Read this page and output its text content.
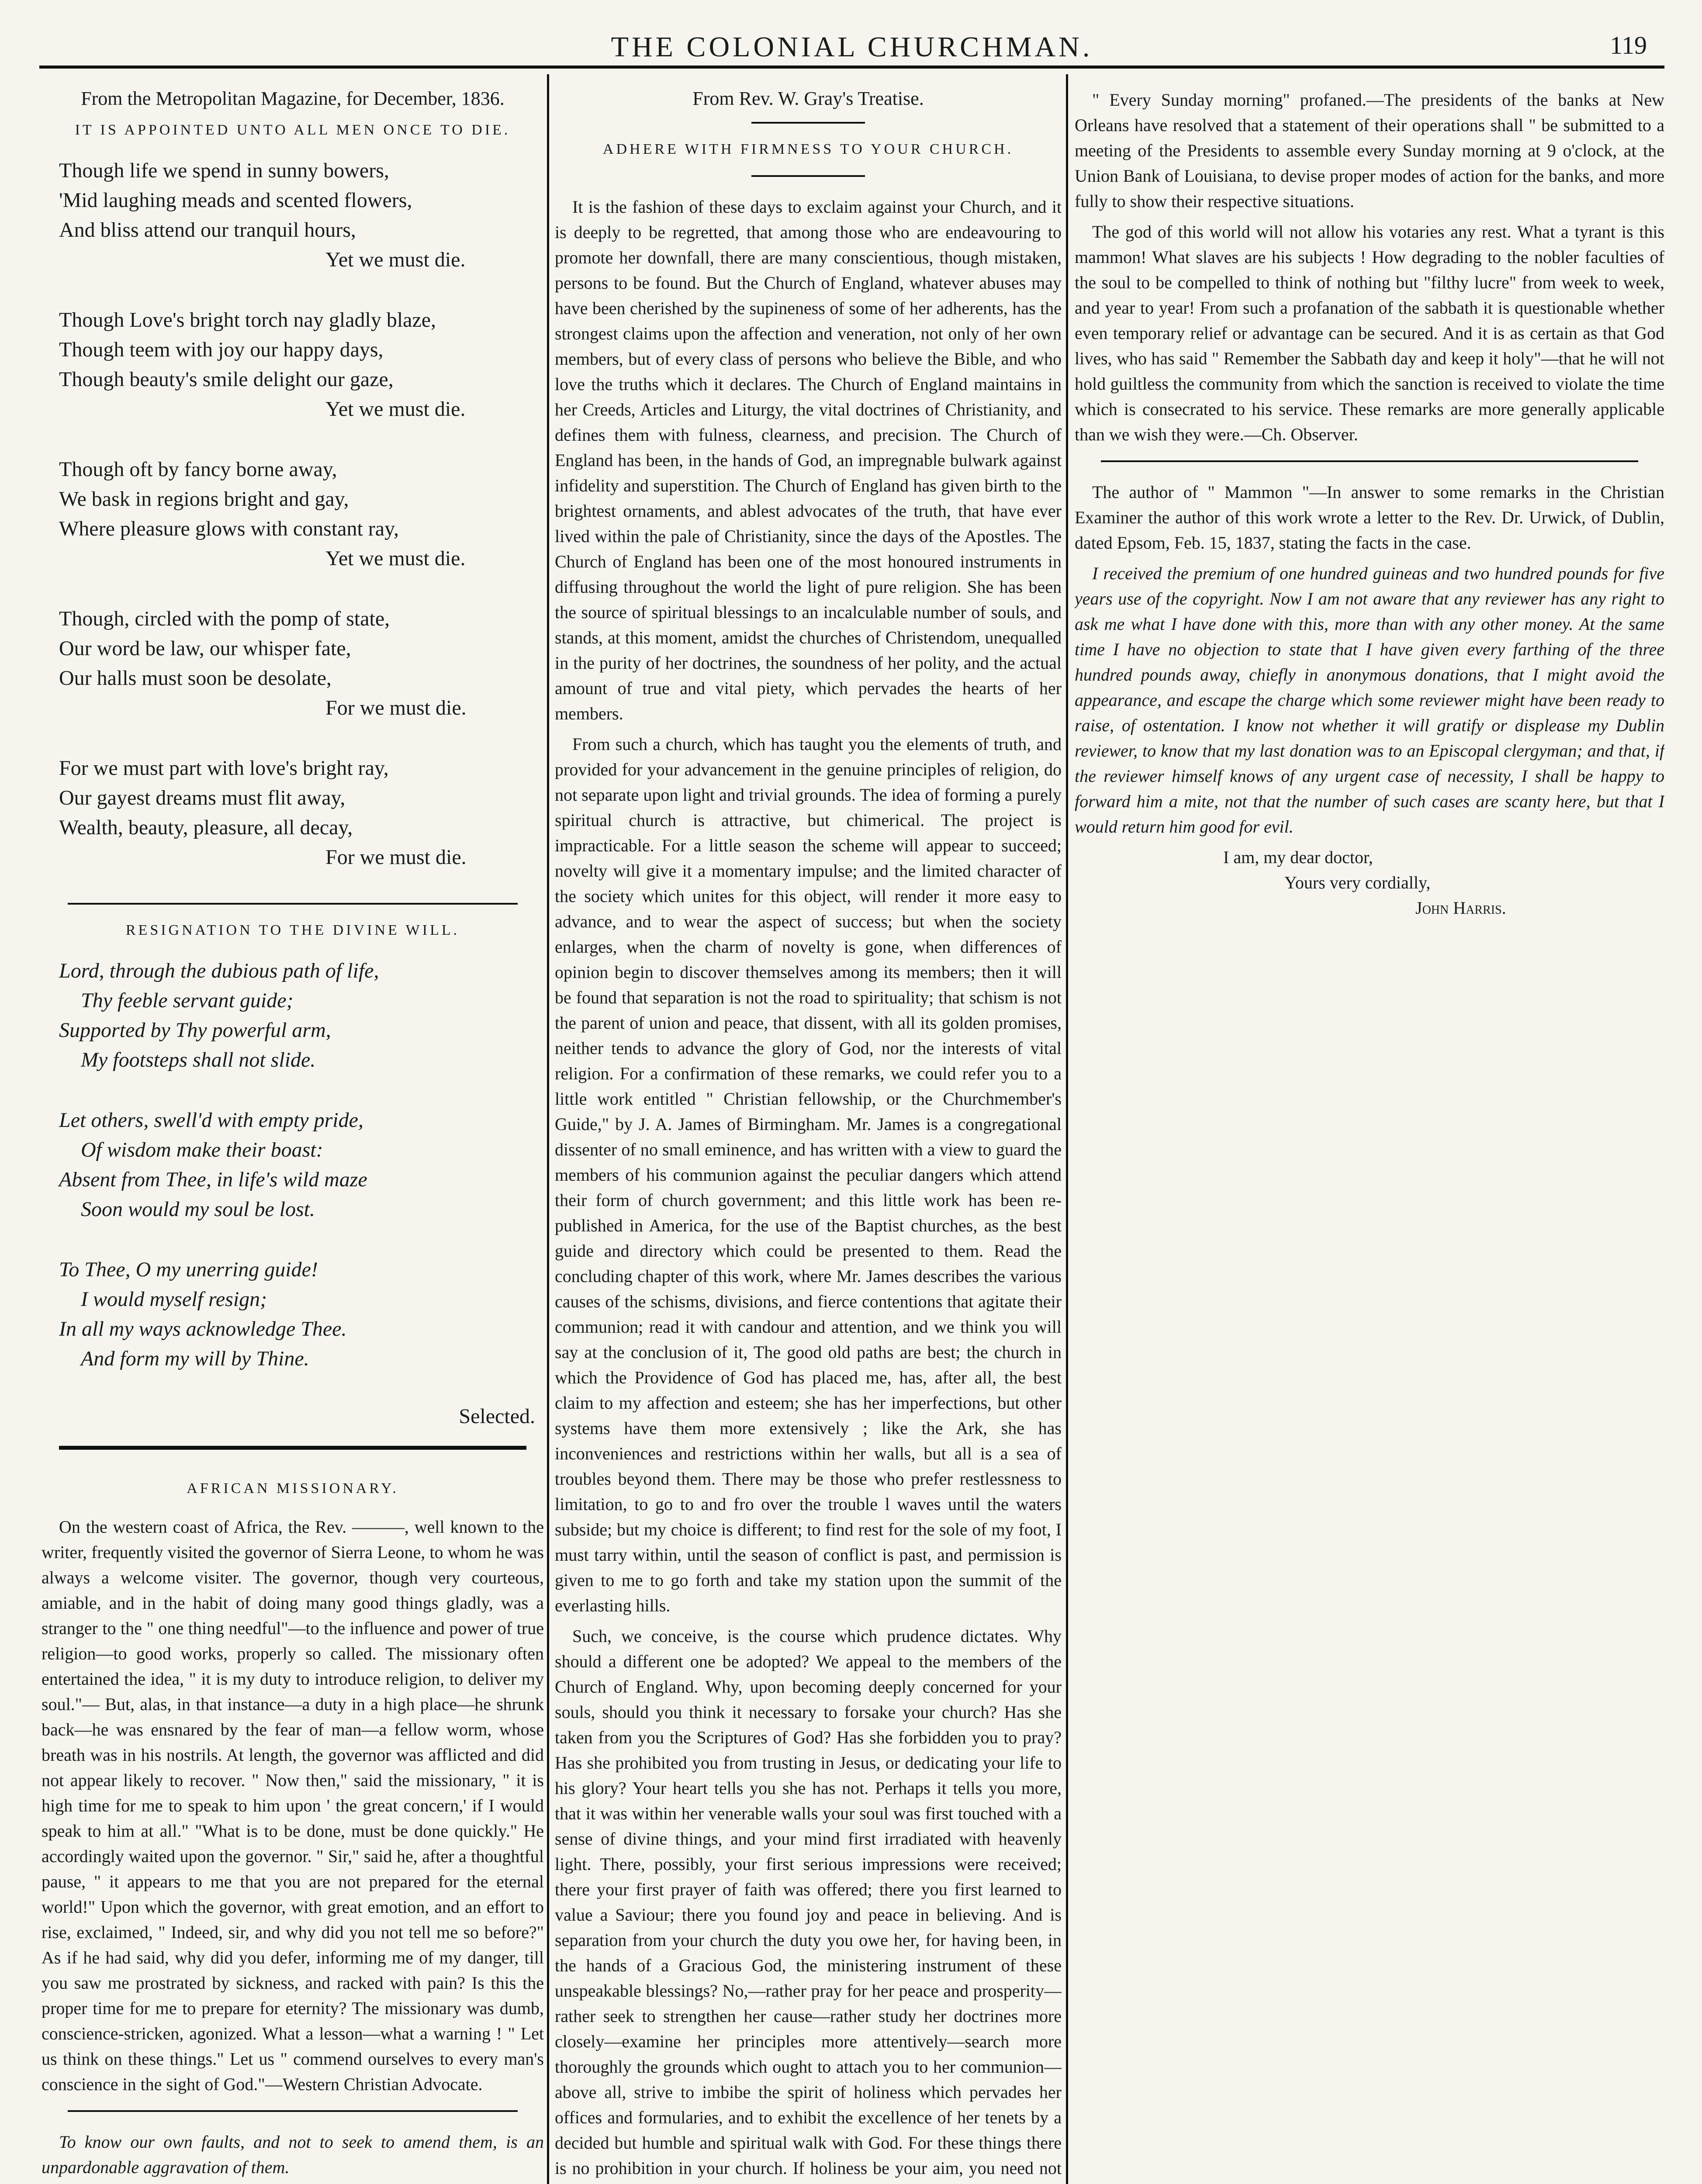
THE COLONIAL CHURCHMAN.	119
From the Metropolitan Magazine, for December, 1836.
IT IS APPOINTED UNTO ALL MEN ONCE TO DIE.
Though life we spend in sunny bowers,
'Mid laughing meads and scented flowers,
And bliss attend our tranquil hours,
Yet we must die.
Though Love's bright torch nay gladly blaze,
Though teem with joy our happy days,
Though beauty's smile delight our gaze,
Yet we must die.
Though oft by fancy borne away,
We bask in regions bright and gay,
Where pleasure glows with constant ray,
Yet we must die.
Though, circled with the pomp of state,
Our word be law, our whisper fate,
Our halls must soon be desolate,
For we must die.
For we must part with love's bright ray,
Our gayest dreams must flit away,
Wealth, beauty, pleasure, all decay,
For we must die.
RESIGNATION TO THE DIVINE WILL.
Lord, through the dubious path of life,
Thy feeble servant guide;
Supported by Thy powerful arm,
My footsteps shall not slide.
Let others, swell'd with empty pride,
Of wisdom make their boast:
Absent from Thee, in life's wild maze
Soon would my soul be lost.
To Thee, O my unerring guide!
I would myself resign;
In all my ways acknowledge Thee.
And form my will by Thine.
Selected.
AFRICAN MISSIONARY.

On the western coast of Africa, the Rev. ———, well known to the writer, frequently visited the governor of Sierra Leone, to whom he was always a welcome visiter. The governor, though very courteous, amiable, and in the habit of doing many good things gladly, was a stranger to the " one thing needful"—to the influence and power of true religion—to good works, properly so called. The missionary often entertained the idea, " it is my duty to introduce religion, to deliver my soul."— But, alas, in that instance—a duty in a high place—he shrunk back—he was ensnared by the fear of man—a fellow worm, whose breath was in his nostrils. At length, the governor was afflicted and did not appear likely to recover. " Now then," said the missionary, " it is high time for me to speak to him upon ' the great concern,' if I would speak to him at all." "What is to be done, must be done quickly." He accordingly waited upon the governor. " Sir," said he, after a thoughtful pause, " it appears to me that you are not prepared for the eternal world!" Upon which the governor, with great emotion, and an effort to rise, exclaimed, " Indeed, sir, and why did you not tell me so before?" As if he had said, why did you defer, informing me of my danger, till you saw me prostrated by sickness, and racked with pain? Is this the proper time for me to prepare for eternity? The missionary was dumb, conscience-stricken, agonized. What a lesson—what a warning ! " Let us think on these things." Let us " commend ourselves to every man's conscience in the sight of God."—Western Christian Advocate.

To know our own faults, and not to seek to amend them, is an unpardonable aggravation of them.

From Rev. W. Gray's Treatise.
ADHERE WITH FIRMNESS TO YOUR CHURCH.

It is the fashion of these days to exclaim against your Church, and it is deeply to be regretted, that among those who are endeavouring to promote her downfall, there are many conscientious, though mistaken, persons to be found. But the Church of England, whatever abuses may have been cherished by the supineness of some of her adherents, has the strongest claims upon the affection and veneration, not only of her own members, but of every class of persons who believe the Bible, and who love the truths which it declares. The Church of England maintains in her Creeds, Articles and Liturgy, the vital doctrines of Christianity, and defines them with fulness, clearness, and precision. The Church of England has been, in the hands of God, an impregnable bulwark against infidelity and superstition. The Church of England has given birth to the brightest ornaments, and ablest advocates of the truth, that have ever lived within the pale of Christianity, since the days of the Apostles. The Church of England has been one of the most honoured instruments in diffusing throughout the world the light of pure religion. She has been the source of spiritual blessings to an incalculable number of souls, and stands, at this moment, amidst the churches of Christendom, unequalled in the purity of her doctrines, the soundness of her polity, and the actual amount of true and vital piety, which pervades the hearts of her members.

From such a church, which has taught you the elements of truth, and provided for your advancement in the genuine principles of religion, do not separate upon light and trivial grounds. The idea of forming a purely spiritual church is attractive, but chimerical. The project is impracticable. For a little season the scheme will appear to succeed; novelty will give it a momentary impulse; and the limited character of the society which unites for this object, will render it more easy to advance, and to wear the aspect of success; but when the society enlarges, when the charm of novelty is gone, when differences of opinion begin to discover themselves among its members; then it will be found that separation is not the road to spirituality; that schism is not the parent of union and peace, that dissent, with all its golden promises, neither tends to advance the glory of God, nor the interests of vital religion. For a confirmation of these remarks, we could refer you to a little work entitled " Christian fellowship, or the Churchmember's Guide," by J. A. James of Birmingham. Mr. James is a congregational dissenter of no small eminence, and has written with a view to guard the members of his communion against the peculiar dangers which attend their form of church government; and this little work has been re-published in America, for the use of the Baptist churches, as the best guide and directory which could be presented to them. Read the concluding chapter of this work, where Mr. James describes the various causes of the schisms, divisions, and fierce contentions that agitate their communion; read it with candour and attention, and we think you will say at the conclusion of it, The good old paths are best; the church in which the Providence of God has placed me, has, after all, the best claim to my affection and esteem; she has her imperfections, but other systems have them more extensively ; like the Ark, she has inconveniences and restrictions within her walls, but all is a sea of troubles beyond them. There may be those who prefer restlessness to limitation, to go to and fro over the trouble l waves until the waters subside; but my choice is different; to find rest for the sole of my foot, I must tarry within, until the season of conflict is past, and permission is given to me to go forth and take my station upon the summit of the everlasting hills.

Such, we conceive, is the course which prudence dictates. Why should a different one be adopted? We appeal to the members of the Church of England. Why, upon becoming deeply concerned for your souls, should you think it necessary to forsake your church? Has she taken from you the Scriptures of God? Has she forbidden you to pray? Has she prohibited you from trusting in Jesus, or dedicating your life to his glory? Your heart tells you she has not. Perhaps it tells you more, that it was within her venerable walls your soul was first touched with a sense of divine things, and your mind first irradiated with heavenly light. There, possibly, your first serious impressions were received; there your first prayer of faith was offered; there you first learned to value a Saviour; there you found joy and peace in believing. And is separation from your church the duty you owe her, for having been, in the hands of a Gracious God, the ministering instrument of these unspeakable blessings? No,—rather pray for her peace and prosperity—rather seek to strengthen her cause—rather study her doctrines more closely—examine her principles more attentively—search more thoroughly the grounds which ought to attach you to her communion— above all, strive to imbibe the spirit of holiness which pervades her offices and formularies, and to exhibit the excellence of her tenets by a decided but humble and spiritual walk with God. For these things there is no prohibition in your church. If holiness be your aim, you need not

" Every Sunday morning" profaned.—The presidents of the banks at New Orleans have resolved that a statement of their operations shall " be submitted to a meeting of the Presidents to assemble every Sunday morning at 9 o'clock, at the Union Bank of Louisiana, to devise proper modes of action for the banks, and more fully to show their respective situations.

The god of this world will not allow his votaries any rest. What a tyrant is this mammon! What slaves are his subjects ! How degrading to the nobler faculties of the soul to be compelled to think of nothing but "filthy lucre" from week to week, and year to year! From such a profanation of the sabbath it is questionable whether even temporary relief or advantage can be secured. And it is as certain as that God lives, who has said " Remember the Sabbath day and keep it holy"—that he will not hold guiltless the community from which the sanction is received to violate the time which is consecrated to his service. These remarks are more generally applicable than we wish they were.—Ch. Observer.

The author of " Mammon "—In answer to some remarks in the Christian Examiner the author of this work wrote a letter to the Rev. Dr. Urwick, of Dublin, dated Epsom, Feb. 15, 1837, stating the facts in the case.

I received the premium of one hundred guineas and two hundred pounds for five years use of the copyright. Now I am not aware that any reviewer has any right to ask me what I have done with this, more than with any other money. At the same time I have no objection to state that I have given every farthing of the three hundred pounds away, chiefly in anonymous donations, that I might avoid the appearance, and escape the charge which some reviewer might have been ready to raise, of ostentation. I know not whether it will gratify or displease my Dublin reviewer, to know that my last donation was to an Episcopal clergyman; and that, if the reviewer himself knows of any urgent case of necessity, I shall be happy to forward him a mite, not that the number of such cases are scanty here, but that I would return him good for evil.

I am, my dear doctor,

Yours very cordially,

John Harris.
